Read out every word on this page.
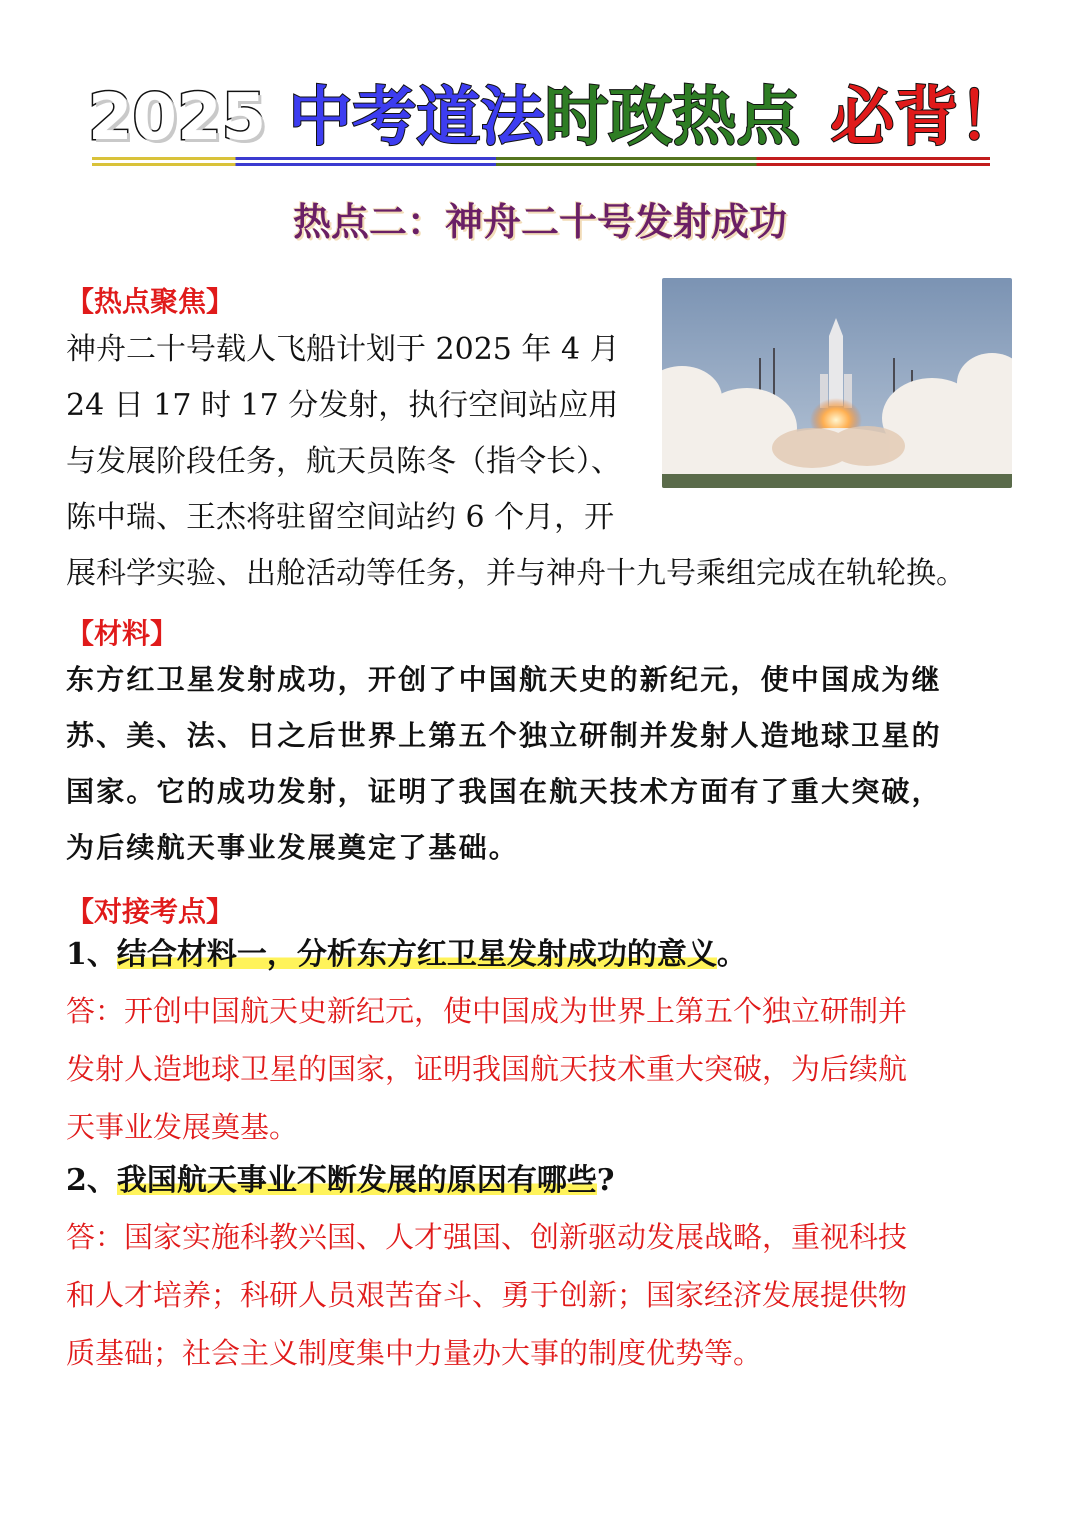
2025 中考道法时政热点 必背！
热点二：神舟二十号发射成功
【热点聚焦】
神舟二十号载人飞船计划于 2025 年 4 月
24 日 17 时 17 分发射，执行空间站应用
与发展阶段任务，航天员陈冬（指令长）、
陈中瑞、王杰将驻留空间站约 6 个月，开
展科学实验、出舱活动等任务，并与神舟十九号乘组完成在轨轮换。
【材料】
东方红卫星发射成功，开创了中国航天史的新纪元，使中国成为继
苏、美、法、日之后世界上第五个独立研制并发射人造地球卫星的
国家。它的成功发射，证明了我国在航天技术方面有了重大突破，
为后续航天事业发展奠定了基础。
【对接考点】
1、结合材料一，分析东方红卫星发射成功的意义。
答：开创中国航天史新纪元，使中国成为世界上第五个独立研制并
发射人造地球卫星的国家，证明我国航天技术重大突破，为后续航
天事业发展奠基。
2、我国航天事业不断发展的原因有哪些?
答：国家实施科教兴国、人才强国、创新驱动发展战略，重视科技
和人才培养；科研人员艰苦奋斗、勇于创新；国家经济发展提供物
质基础；社会主义制度集中力量办大事的制度优势等。
